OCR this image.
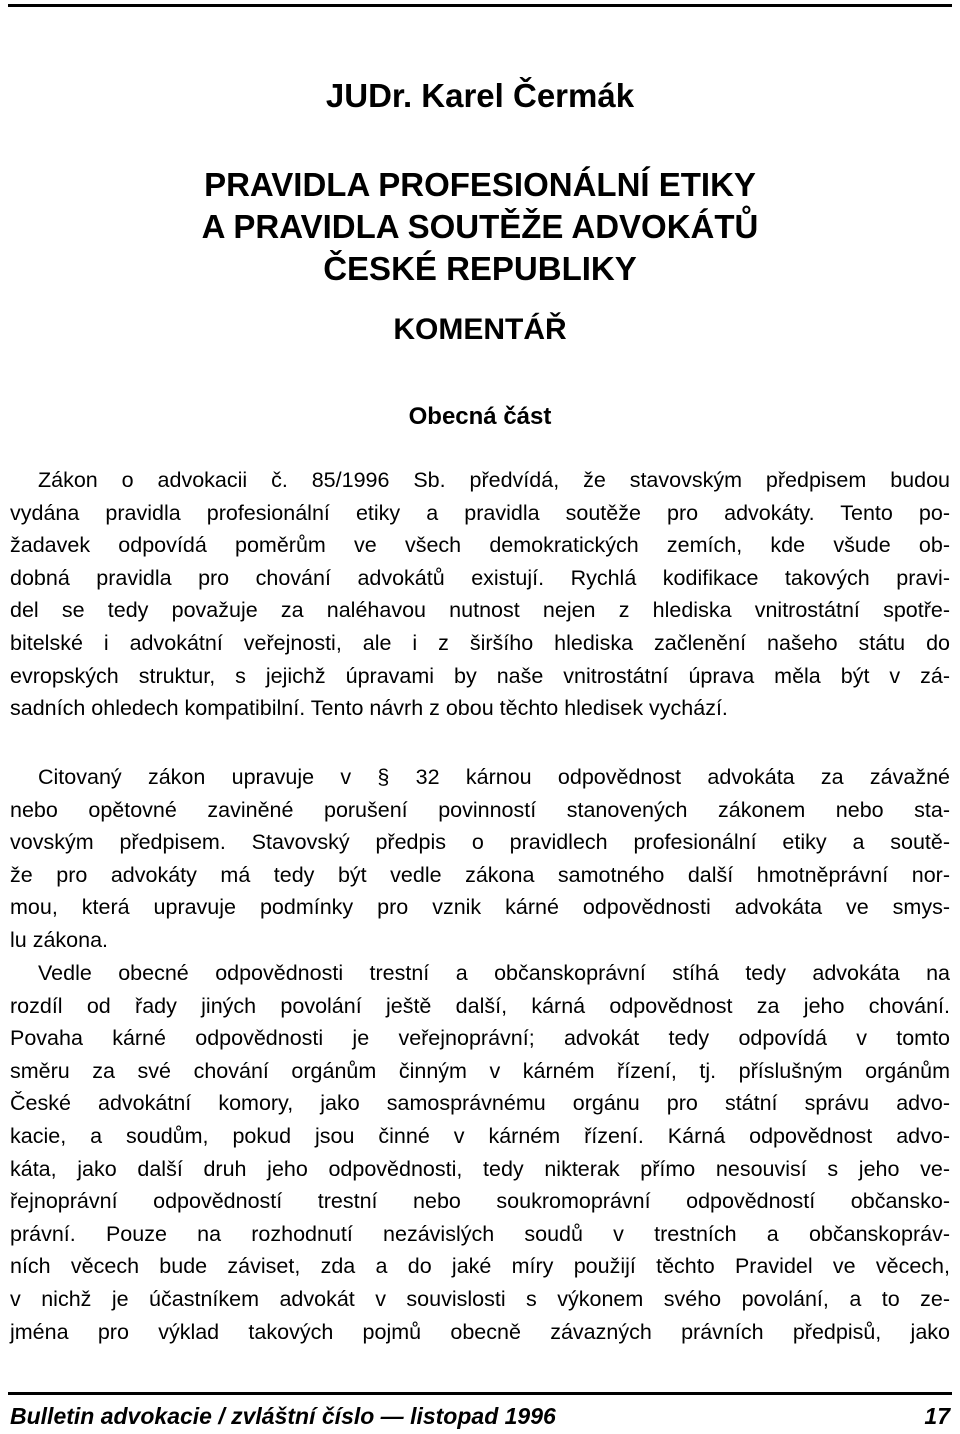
JUDr. Karel Čermák
PRAVIDLA PROFESIONÁLNÍ ETIKY
A PRAVIDLA SOUTĚŽE ADVOKÁTŮ
ČESKÉ REPUBLIKY
KOMENTÁŘ
Obecná část
Zákon o advokacii č. 85/1996 Sb. předvídá, že stavovským předpisem budou
vydána pravidla profesionální etiky a pravidla soutěže pro advokáty. Tento po-
žadavek odpovídá poměrům ve všech demokratických zemích, kde všude ob-
dobná pravidla pro chování advokátů existují. Rychlá kodifikace takových pravi-
del se tedy považuje za naléhavou nutnost nejen z hlediska vnitrostátní spotře-
bitelské i advokátní veřejnosti, ale i z širšího hlediska začlenění našeho státu do
evropských struktur, s jejichž úpravami by naše vnitrostátní úprava měla být v zá-
sadních ohledech kompatibilní. Tento návrh z obou těchto hledisek vychází.
Citovaný zákon upravuje v § 32 kárnou odpovědnost advokáta za závažné
nebo opětovné zaviněné porušení povinností stanovených zákonem nebo sta-
vovským předpisem. Stavovský předpis o pravidlech profesionální etiky a soutě-
že pro advokáty má tedy být vedle zákona samotného další hmotněprávní nor-
mou, která upravuje podmínky pro vznik kárné odpovědnosti advokáta ve smys-
lu zákona.
Vedle obecné odpovědnosti trestní a občanskoprávní stíhá tedy advokáta na
rozdíl od řady jiných povolání ještě další, kárná odpovědnost za jeho chování.
Povaha kárné odpovědnosti je veřejnoprávní; advokát tedy odpovídá v tomto
směru za své chování orgánům činným v kárném řízení, tj. příslušným orgánům
České advokátní komory, jako samosprávnému orgánu pro státní správu advo-
kacie, a soudům, pokud jsou činné v kárném řízení. Kárná odpovědnost advo-
káta, jako další druh jeho odpovědnosti, tedy nikterak přímo nesouvisí s jeho ve-
řejnoprávní odpovědností trestní nebo soukromoprávní odpovědností občansko-
právní. Pouze na rozhodnutí nezávislých soudů v trestních a občanskopráv-
ních věcech bude záviset, zda a do jaké míry použijí těchto Pravidel ve věcech,
v nichž je účastníkem advokát v souvislosti s výkonem svého povolání, a to ze-
jména pro výklad takových pojmů obecně závazných právních předpisů, jako
Bulletin advokacie / zvláštní číslo — listopad 1996	17
